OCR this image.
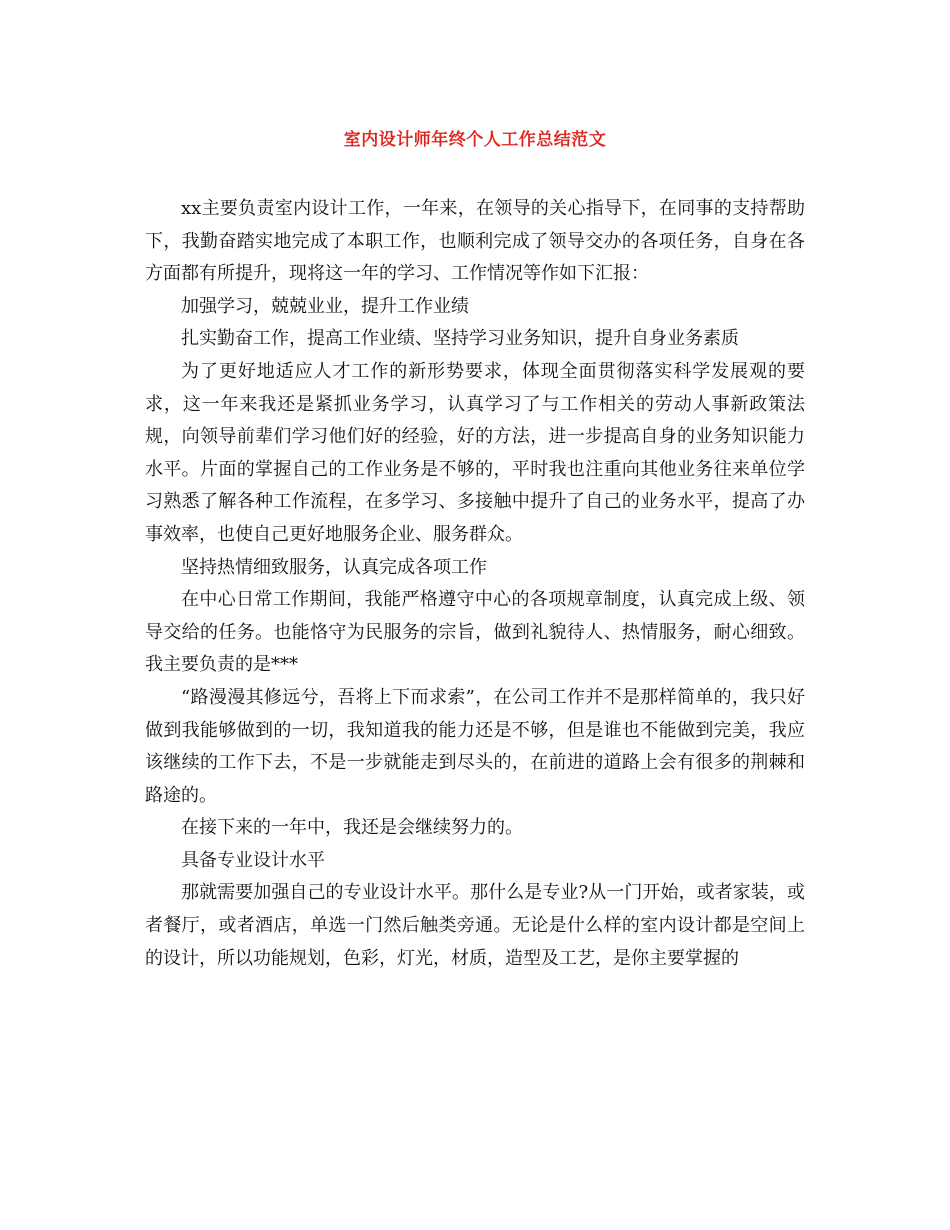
室内设计师年终个人工作总结范文

xx主要负责室内设计工作，一年来，在领导的关心指导下，在同事的支持帮助下，我勤奋踏实地完成了本职工作，也顺利完成了领导交办的各项任务，自身在各方面都有所提升，现将这一年的学习、工作情况等作如下汇报：

加强学习，兢兢业业，提升工作业绩

扎实勤奋工作，提高工作业绩、坚持学习业务知识，提升自身业务素质

为了更好地适应人才工作的新形势要求，体现全面贯彻落实科学发展观的要求，这一年来我还是紧抓业务学习，认真学习了与工作相关的劳动人事新政策法规，向领导前辈们学习他们好的经验，好的方法，进一步提高自身的业务知识能力水平。片面的掌握自己的工作业务是不够的，平时我也注重向其他业务往来单位学习熟悉了解各种工作流程，在多学习、多接触中提升了自己的业务水平，提高了办事效率，也使自己更好地服务企业、服务群众。

坚持热情细致服务，认真完成各项工作

在中心日常工作期间，我能严格遵守中心的各项规章制度，认真完成上级、领导交给的任务。也能恪守为民服务的宗旨，做到礼貌待人、热情服务，耐心细致。我主要负责的是***

“路漫漫其修远兮，吾将上下而求索”，在公司工作并不是那样简单的，我只好做到我能够做到的一切，我知道我的能力还是不够，但是谁也不能做到完美，我应该继续的工作下去，不是一步就能走到尽头的，在前进的道路上会有很多的荆棘和路途的。

在接下来的一年中，我还是会继续努力的。

具备专业设计水平

那就需要加强自己的专业设计水平。那什么是专业?从一门开始，或者家装，或者餐厅，或者酒店，单选一门然后触类旁通。无论是什么样的室内设计都是空间上的设计，所以功能规划，色彩，灯光，材质，造型及工艺，是你主要掌握的
